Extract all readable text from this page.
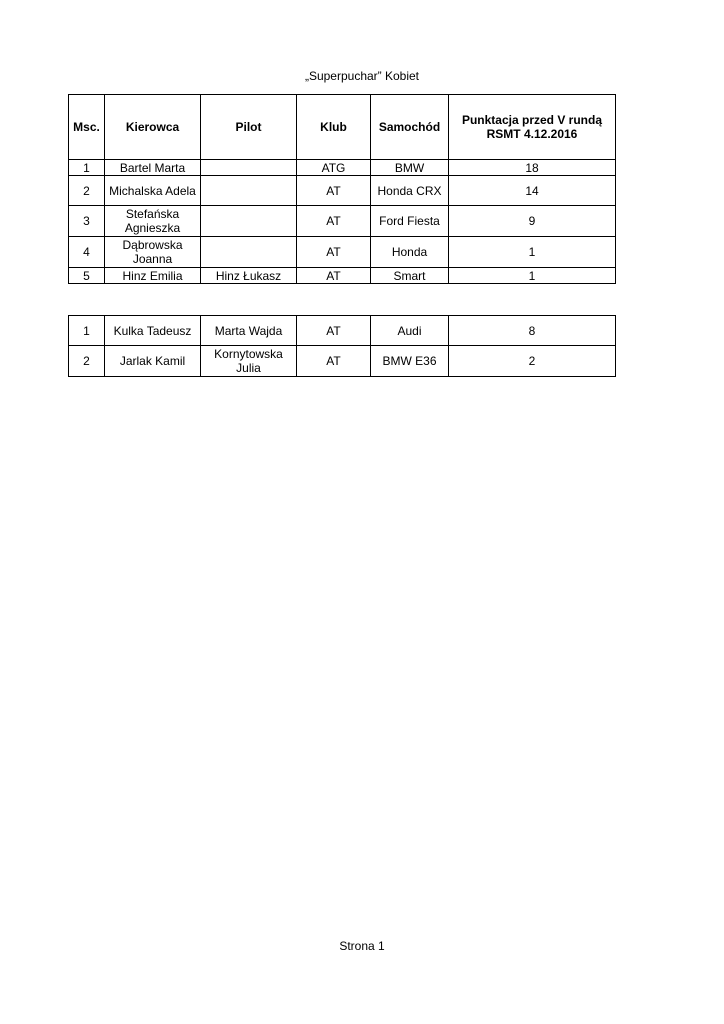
„Superpuchar” Kobiet
Msc.	Kierowca	Pilot	Klub	Samochód	Punktacja przed V rundą RSMT 4.12.2016
1	Bartel Marta		ATG	BMW	18
2	Michalska Adela		AT	Honda CRX	14
3	Stefańska Agnieszka		AT	Ford Fiesta	9
4	Dąbrowska Joanna		AT	Honda	1
5	Hinz Emilia	Hinz Łukasz	AT	Smart	1
1	Kulka Tadeusz	Marta Wajda	AT	Audi	8
2	Jarlak Kamil	Kornytowska Julia	AT	BMW E36	2
Strona 1
